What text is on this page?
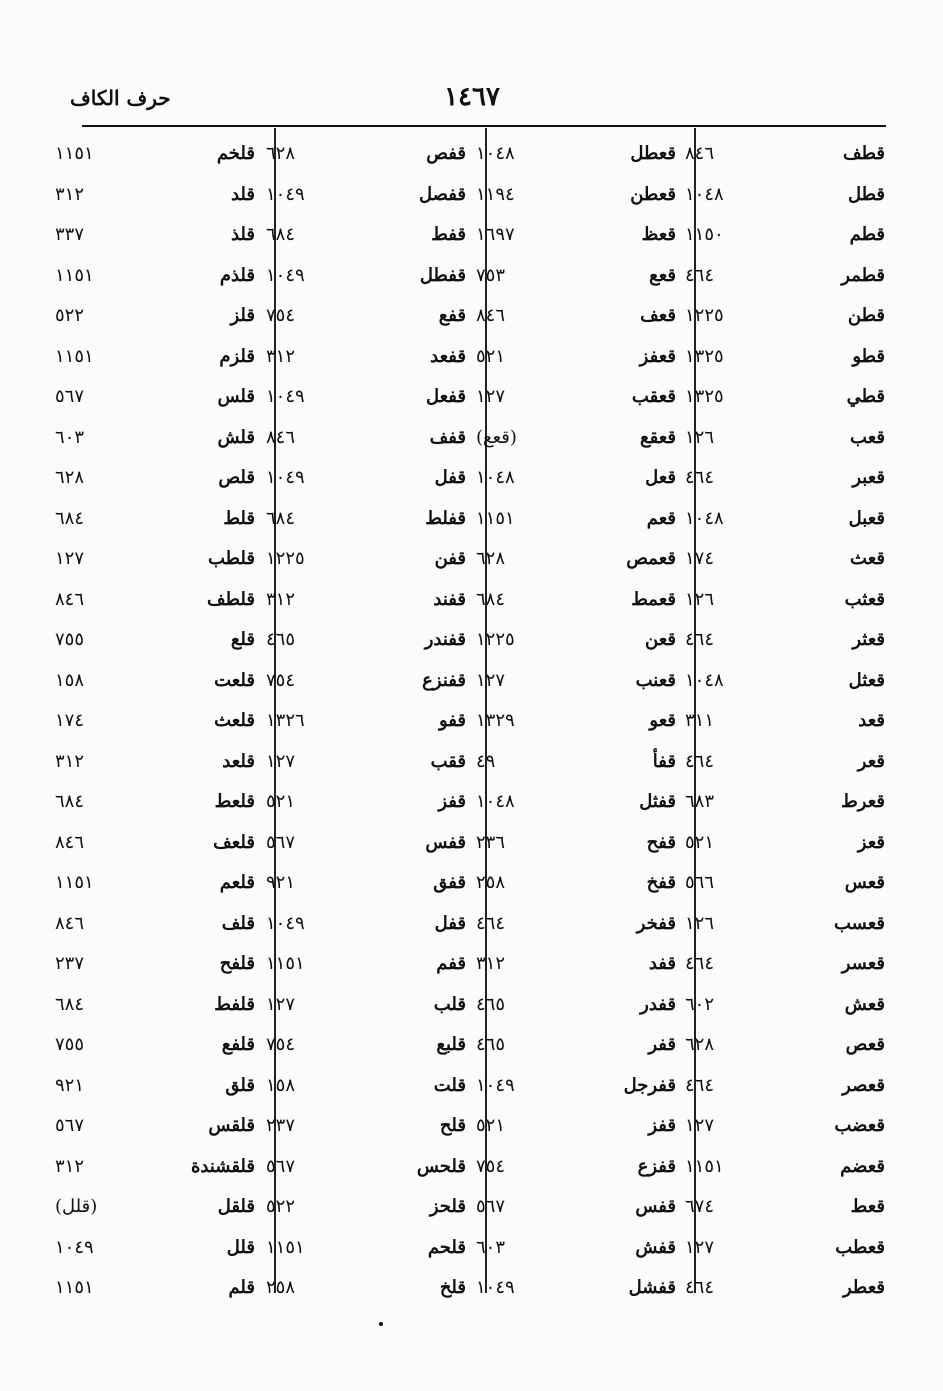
حرف الكاف	١٤٦٧
قطف
٨٤٦
قطل
١٠٤٨
قطم
١١٥٠
قطمر
٤٦٤
قطن
١٢٢٥
قطو
١٣٢٥
قطي
١٣٢٥
قعب
١٢٦
قعبر
٤٦٤
قعبل
١٠٤٨
قعث
١٧٤
قعثب
١٢٦
قعثر
٤٦٤
قعثل
١٠٤٨
قعد
٣١١
قعر
٤٦٤
قعرط
٦٨٣
قعز
٥٢١
قعس
٥٦٦
قعسب
١٢٦
قعسر
٤٦٤
قعش
٦٠٢
قعص
٦٢٨
قعصر
٤٦٤
قعضب
١٢٧
قعضم
١١٥١
قعط
٦٧٤
قعطب
١٢٧
قعطر
٤٦٤
قعطل
١٠٤٨
قعطن
١١٩٤
قعظ
١٦٩٧
قعع
٧٥٣
قعف
٨٤٦
قعفز
٥٢١
قعقب
١٢٧
قعقع
(قعع)
قعل
١٠٤٨
قعم
١١٥١
قعمص
٦٢٨
قعمط
٦٨٤
قعن
١٢٢٥
قعنب
١٢٧
قعو
١٣٢٩
قفأ
٤٩
قفثل
١٠٤٨
قفح
٢٣٦
قفخ
٢٥٨
قفخر
٤٦٤
قفد
٣١٢
قفدر
٤٦٥
قفر
٤٦٥
قفرجل
١٠٤٩
قفز
٥٢١
قفزع
٧٥٤
قفس
٥٦٧
قفش
٦٠٣
قفشل
١٠٤٩
قفص
٦٢٨
قفصل
١٠٤٩
قفط
٦٨٤
قفطل
١٠٤٩
قفع
٧٥٤
قفعد
٣١٢
قفعل
١٠٤٩
قفف
٨٤٦
قفل
١٠٤٩
قفلط
٦٨٤
قفن
١٢٢٥
قفند
٣١٢
قفندر
٤٦٥
قفنزع
٧٥٤
قفو
١٣٢٦
ققب
١٢٧
قفز
٥٢١
قفس
٥٦٧
قفق
٩٢١
قفل
١٠٤٩
قفم
١١٥١
قلب
١٢٧
قلبع
٧٥٤
قلت
١٥٨
قلح
٢٣٧
قلحس
٥٦٧
قلحز
٥٢٢
قلحم
١١٥١
قلخ
٢٥٨
قلخم
١١٥١
قلد
٣١٢
قلذ
٣٣٧
قلذم
١١٥١
قلز
٥٢٢
قلزم
١١٥١
قلس
٥٦٧
قلش
٦٠٣
قلص
٦٢٨
قلط
٦٨٤
قلطب
١٢٧
قلطف
٨٤٦
قلع
٧٥٥
قلعت
١٥٨
قلعث
١٧٤
قلعد
٣١٢
قلعط
٦٨٤
قلعف
٨٤٦
قلعم
١١٥١
قلف
٨٤٦
قلفح
٢٣٧
قلفط
٦٨٤
قلفع
٧٥٥
قلق
٩٢١
قلقس
٥٦٧
قلقشندة
٣١٢
قلقل
(قلل)
قلل
١٠٤٩
قلم
١١٥١
